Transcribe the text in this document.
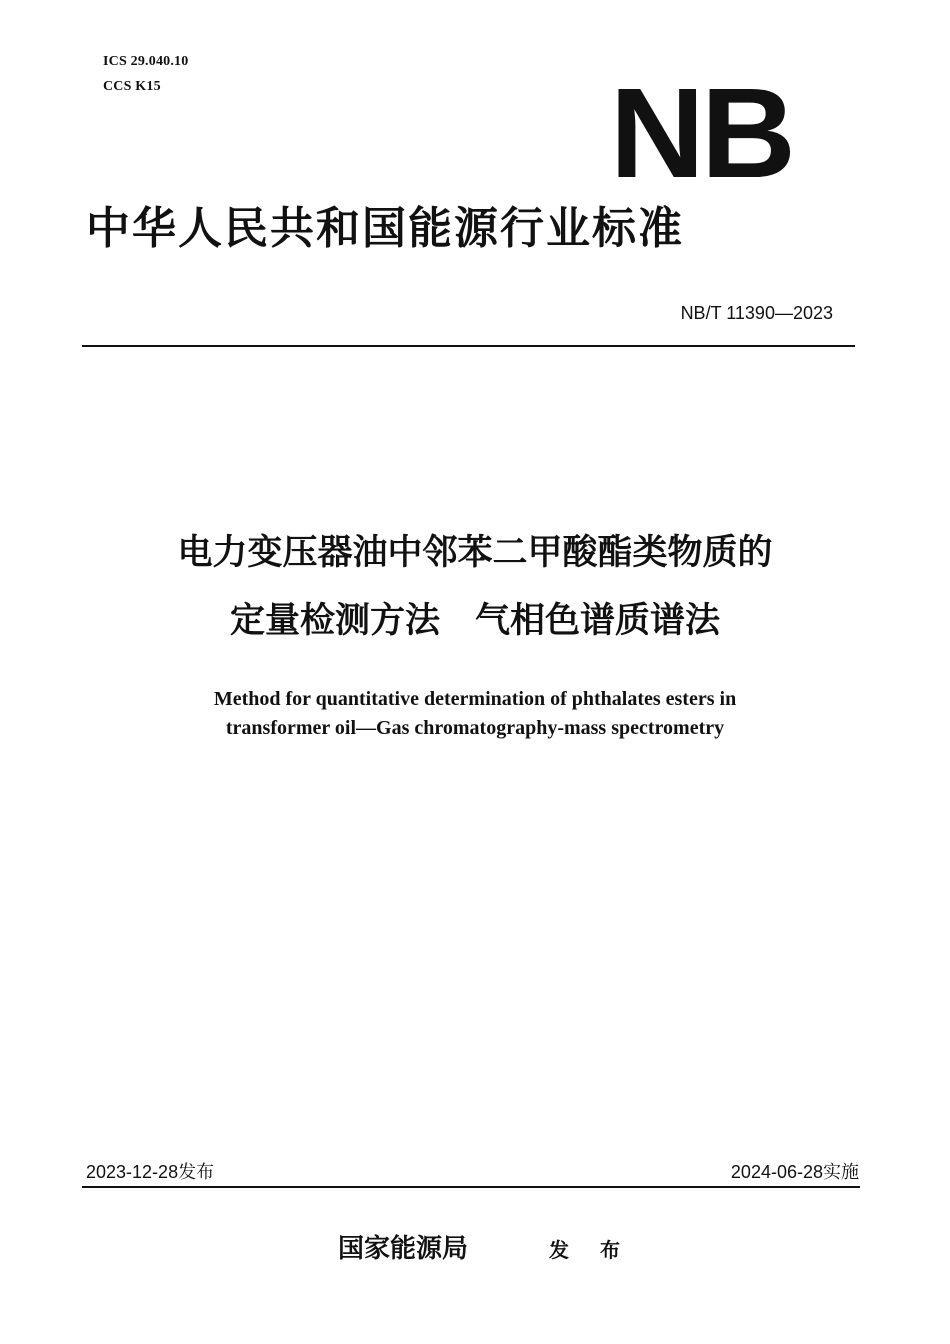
ICS 29.040.10
CCS K15	NB
中华人民共和国能源行业标准
NB/T 11390—2023
电力变压器油中邻苯二甲酸酯类物质的
定量检测方法　气相色谱质谱法
Method for quantitative determination of phthalates esters in
transformer oil—Gas chromatography-mass spectrometry
2023-12-28发布	2024-06-28实施
国家能源局	发 布
